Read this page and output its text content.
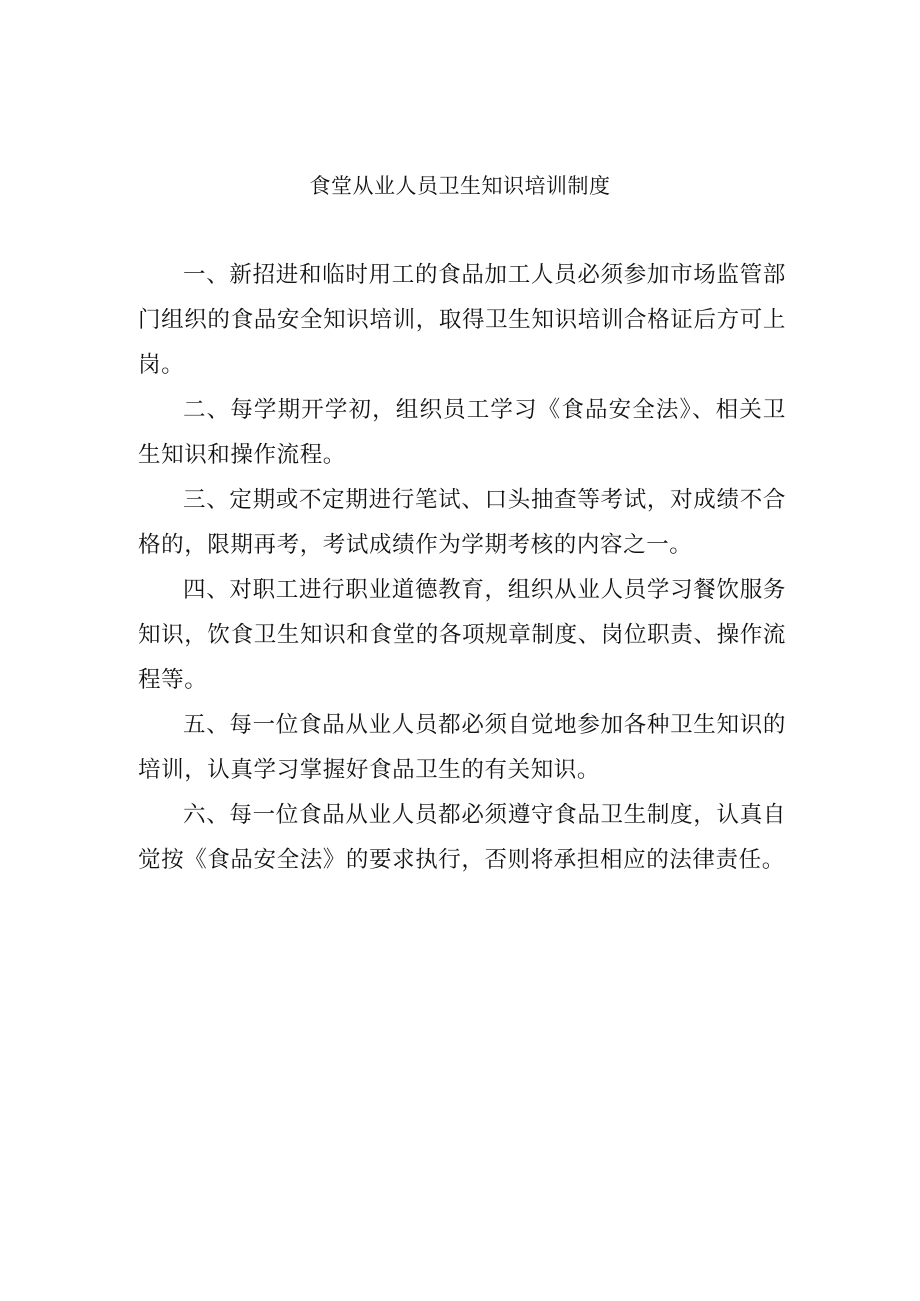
食堂从业人员卫生知识培训制度

一、新招进和临时用工的食品加工人员必须参加市场监管部门组织的食品安全知识培训，取得卫生知识培训合格证后方可上岗。

二、每学期开学初，组织员工学习《食品安全法》、相关卫生知识和操作流程。

三、定期或不定期进行笔试、口头抽查等考试，对成绩不合格的，限期再考，考试成绩作为学期考核的内容之一。

四、对职工进行职业道德教育，组织从业人员学习餐饮服务知识，饮食卫生知识和食堂的各项规章制度、岗位职责、操作流程等。

五、每一位食品从业人员都必须自觉地参加各种卫生知识的培训，认真学习掌握好食品卫生的有关知识。

六、每一位食品从业人员都必须遵守食品卫生制度，认真自觉按《食品安全法》的要求执行，否则将承担相应的法律责任。
